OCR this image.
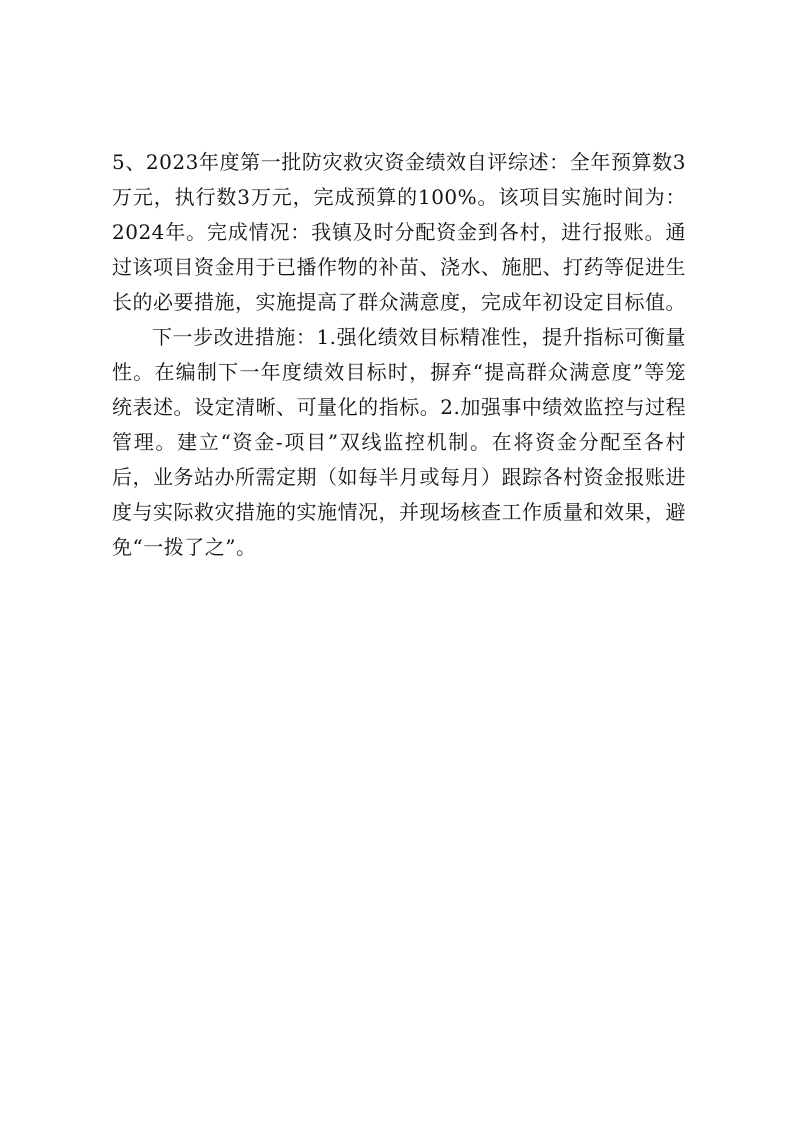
5、2023年度第一批防灾救灾资金绩效自评综述：全年预算数3万元，执行数3万元，完成预算的100%。该项目实施时间为：2024年。完成情况：我镇及时分配资金到各村，进行报账。通过该项目资金用于已播作物的补苗、浇水、施肥、打药等促进生长的必要措施，实施提高了群众满意度，完成年初设定目标值。

下一步改进措施：1.强化绩效目标精准性，提升指标可衡量性。在编制下一年度绩效目标时，摒弃“提高群众满意度”等笼统表述。设定清晰、可量化的指标。2.加强事中绩效监控与过程管理。建立“资金-项目”双线监控机制。在将资金分配至各村后，业务站办所需定期（如每半月或每月）跟踪各村资金报账进度与实际救灾措施的实施情况，并现场核查工作质量和效果，避免“一拨了之”。
